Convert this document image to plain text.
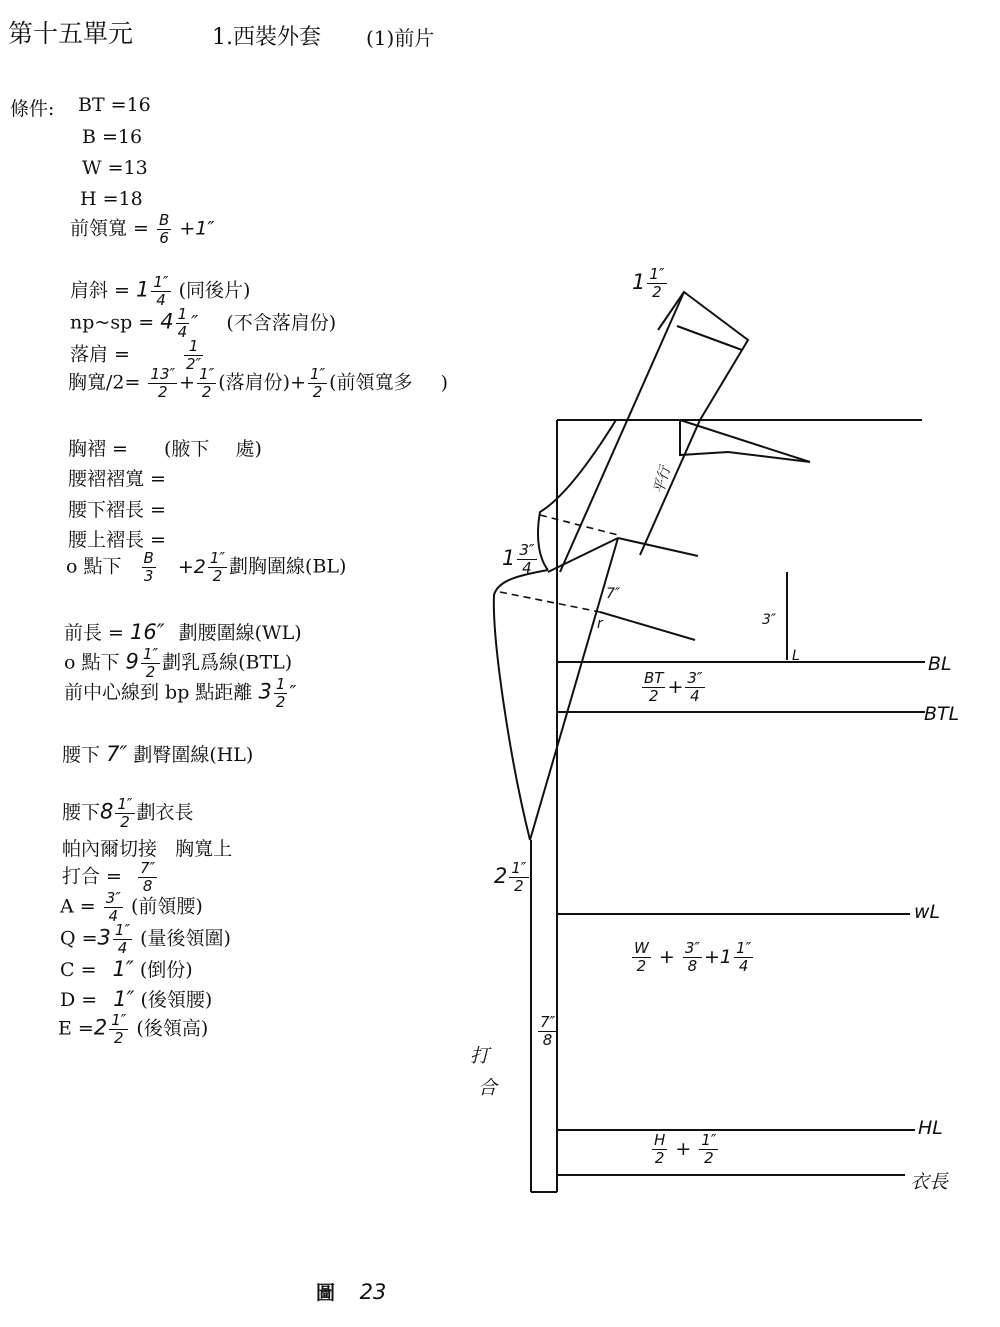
第十五單元	1.西裝外套 (1)前片
條件: BT =16
B =16
W =13
H =18
前領寬 = $\frac{B}{6} +1''$
肩斜 = $1 \frac{1''}{4}$ (同後片)
np~sp = $4 \frac{1}{4}$ ″ (不含落肩份)
落肩 =	$\frac{1}{2''}$
胸寬$/2= \frac{13''}{2} + \frac{1''}{2}$ (落肩份)+ $\frac{1''}{2}$ (前領寬多 )
胸褶 = (腋下 處)
腰褶褶寬 =
腰下褶長 =
腰上褶長 =
o 點下 $\frac{B}{3} +2 \frac{1''}{2}$ 劃胸圍線(BL)
前長 = 16″ 劃腰圍線(WL)
o 點下 $9 \frac{1''}{2}$ 劃乳爲線(BTL)
前中心線到 bp 點距離 $3 \frac{1}{2}$ ″
腰下 7″ 劃臀圍線(HL)
腰下$8 \frac{1''}{2}$ 劃衣長
帕內爾切接 胸寬上
打合 = $\frac{7''}{8}$
$A = \frac{3''}{4}$ (前領腰)
$Q =3 \frac{1''}{4}$ (量後領圍)
C = 1″ (倒份)
D = 1″ (後領腰)
$E =2 \frac{1''}{2}$ (後領高)
BL
BTL
wL
HL
衣長
平行
3″
7″
r
L
打
合
$\frac{BT}{2} + \frac{3''}{4}$
$\frac{W}{2} + \frac{3''}{8} +1 \frac{1''}{4}$
$\frac{H}{2} + \frac{1''}{2}$
$1 \frac{1''}{2}$
$1 \frac{3''}{4}$
$2 \frac{1''}{2}$
$\frac{7''}{8}$
圖 23
